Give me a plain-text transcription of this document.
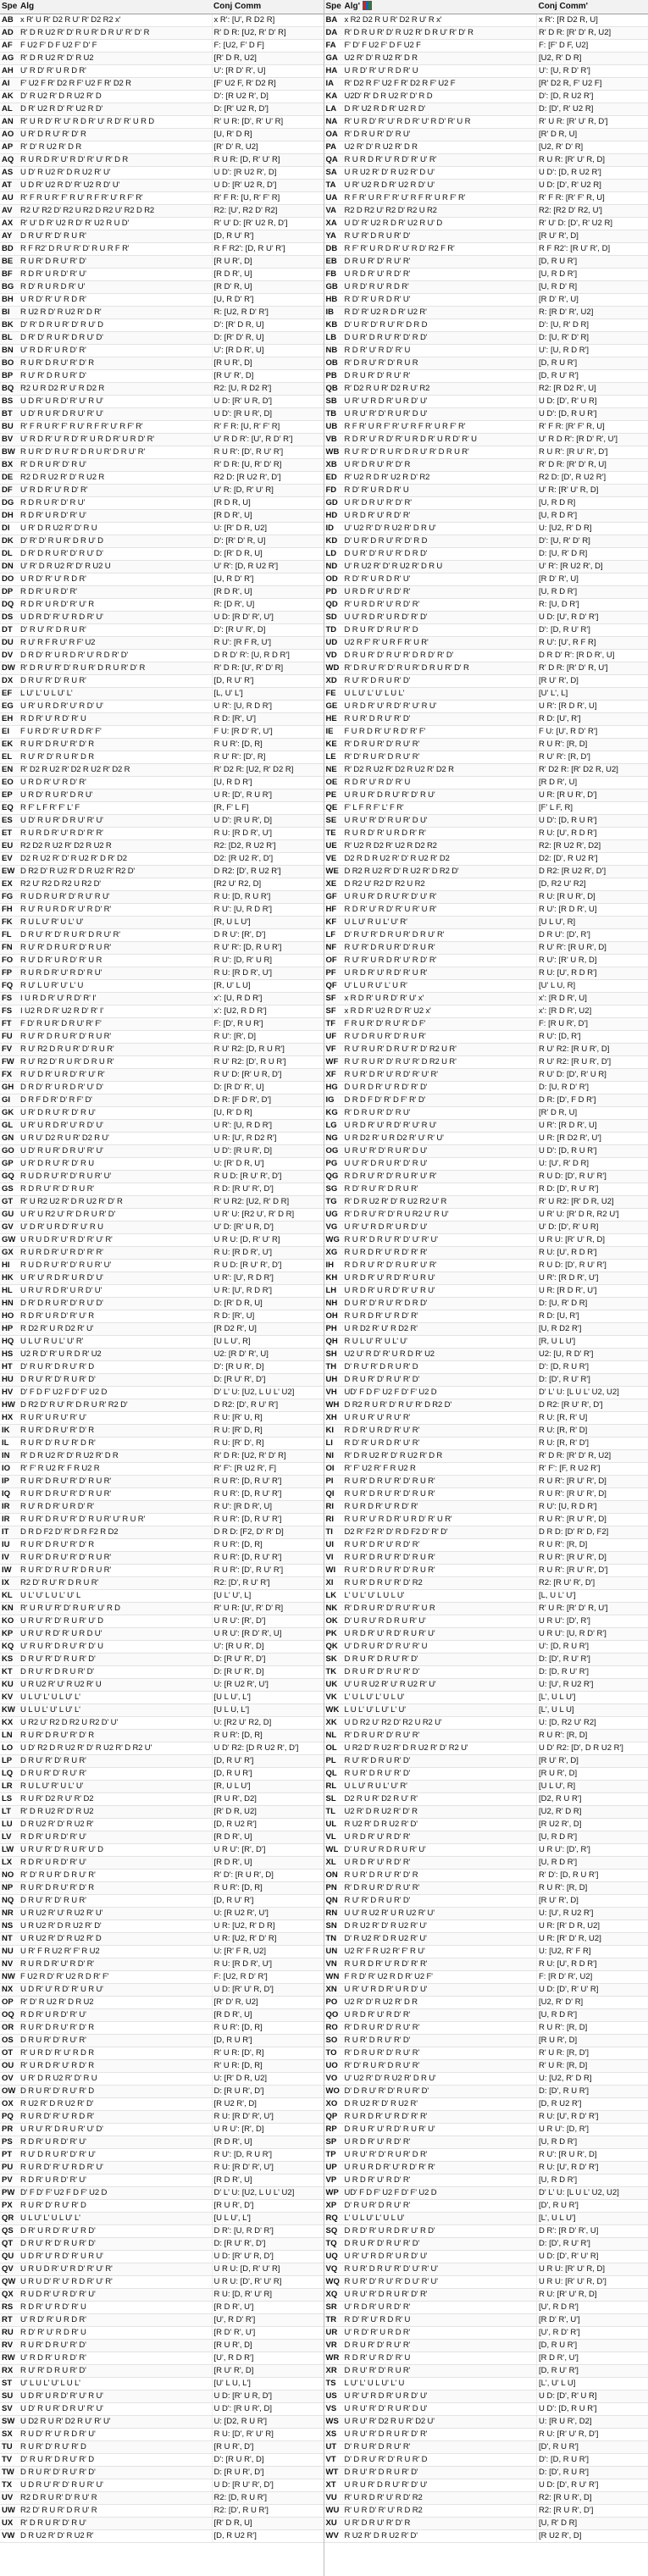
Spe	Alg	Conj Comm
AB	x R' U R' D2 R U' R' D2 R2 x'	x R': [U', R D2 R]
AD	R' D R U2 R' D' R U R' D R U' R' D' R	R' D R: [U2, R' D' R]
AF	F U2 F' D F U2 F' D' F	F: [U2, F' D F]
AG	R' D R U2 R' D' R U2	[R' D R, U2]
AH	U' R D' R' U R D R'	U': [R D' R', U]
AI	F' U2 F R' D2 R F' U2 F R' D2 R	[F' U2 F, R' D2 R]
AK	D' R U2 R' D R U2 R' D	D': [R U2 R', D]
AL	D R' U2 R D' R' U2 R D'	D: [R' U2 R, D']
AN	R' U R D' R' U' R D R' U' R D' R' U R D	R' U R: [D', R' U' R]
AO	U R' D R U' R' D' R	[U, R' D R]
AP	R' D' R U2 R' D R	[R' D' R, U2]
AQ	R U R D R' U' R D' R' U' R' D R	R U R: [D, R' U' R]
AS	U D' R U2 R' D R U2 R' U'	U D': [R U2 R', D]
AT	U D R' U2 R D' R' U2 R D' U'	U D: [R' U2 R, D']
AU	R' F R U R' F' R U' R F R' U' R F' R'	R' F R: [U, R' F' R]
AV	R2 U' R2 D' R2 U R2 D R2 U' R2 D R2	R2: [U', R2 D' R2]
AX	R' U' D R' U2 R D' R' U2 R U D'	R' U' D: [R' U2 R, D']
AY	D R U' R' D' R U R'	[D, R U' R']
BD	R F R2' D R U' R' D' R U R F R'	R F R2': [D, R U' R']
BE	R U R' D R U' R' D'	[R U R', D]
BF	R D R' U R D' R' U'	[R D R', U]
BG	R D' R U R D R' U'	[R D' R, U]
BH	U R D' R' U' R D R'	[U, R D' R']
BI	R U2 R D' R U2 R' D R'	R: [U2, R D' R']
BK	D' R' D R U R' D' R U' D	D': [R' D R, U]
BL	D R' D' R U R' D R U' D'	D: [R' D' R, U]
BN	U' R D R' U R D' R'	U': [R D R', U]
BO	R U R' D R U' R' D' R	[R U R', D]
BP	R U' R' D R U R' D'	[R U' R', D]
BQ	R2 U R D2 R' U' R D2 R	R2: [U, R D2 R']
BS	U D R' U R D' R' U' R U'	U D: [R' U R, D']
BT	U D' R U R' D R U' R' U'	U D': [R U R', D]
BU	R' F R U R' F' R U' R F R' U' R F' R'	R' F R: [U, R' F' R]
BV	U' R D R' U' R D' R' U R D R' U R D' R'	U' R D R': [U', R D' R']
BW	R U R' D' R U' R' D R U R' D R U' R'	R U R': [D', R U' R']
BX	R' D R U R' D' R U'	R' D R: [U, R' D' R]
DE	R2 D R U2 R' D' R U2 R	R2 D: [R U2 R', D']
DF	U' R D R' U' R D' R'	U' R: [D, R' U' R]
DG	R D R U R' D' R U'	[R D R, U]
DH	R D R' U R D' R' U'	[R D R', U]
DI	U R' D R U2 R' D' R U	U: [R' D R, U2]
DK	D' R' D' R U R' D R U' D	D': [R' D' R, U]
DL	D R' D R U R' D' R U' D'	D: [R' D R, U]
DN	U' R' D R U2 R' D' R U2 U	U' R': [D, R U2 R']
DO	U R D' R' U' R D R'	[U, R D' R']
DP	R D R' U R D' R'	[R D R', U]
DQ	R D R' U R D' R' U' R	R: [D R', U]
DS	U D R D' R' U' R D R' U'	U D: [R D' R', U']
DT	D' R U' R' D R U R'	D': [R U' R', D]
DU	R U' R F R U' R F' U2	R U': [R F R, U']
DV	D R D' R' U R D R' U' R D R' D'	D R D' R': [U, R D R']
DW	R' D R U' R' D' R U R' D R U R' D' R	R' D R: [U', R' D' R]
DX	D R U' R' D' R U R'	[D, R U' R']
EF	L U' L' U L U' L'	[L, U' L']
EG	U R' U R D R' U' R D' U'	U R': [U, R D R']
EH	R D R' U' R D' R' U	R D: [R', U']
EI	F U R D' R' U' R D R' F'	F U: [R D' R', U']
EK	R U R' D R U' R' D' R	R U R': [D, R]
EL	R U' R' D' R U R' D R	R U' R': [D', R]
EN	R' D2 R U2 R' D2 R U2 R' D2 R	R' D2 R: [U2, R' D2 R]
EO	U R D R' U' R D' R'	[U, R D R']
EP	U R D' R U R' D R U'	U R: [D', R U R']
EQ	R F' L F R' F' L' F	[R, F' L F]
ES	U D' R U R' D R U' R' U'	U D': [R U R', D]
ET	R U R D R' U' R D' R' R'	R U: [R D R', U']
EU	R2 D2 R U2 R' D2 R U2 R	R2: [D2, R U2 R']
EV	D2 R U2 R' D' R U2 R' D R' D2	D2: [R U2 R', D']
EW	D R2 D' R U2 R' D R U2 R' R2 D'	D R2: [D', R U2 R']
EX	R2 U' R2 D R2 U R2 D'	[R2 U' R2, D]
FG	R U D R U R' D' R U' R U'	R U: [D, R U R']
FH	R U' R U R D R' U' R D' R'	R U': [U, R D R']
FK	R U L U' R' U L' U'	[R, U L U']
FL	D R U' R' D' R U R' D R U' R'	D R U': [R', D']
FN	R U' R' D R U R' D' R U R'	R U' R': [D, R U R']
FO	R U' D R' U R D' R' U R	R U': [D, R' U R]
FP	R U R D R' U' R D' R U'	R U: [R D R', U']
FQ	R U' L U R' U' L' U	[R, U' L U]
FS	I U R D R' U' R D' R' I'	x': [U, R D R']
FS	I U2 R D R' U2 R D' R' I'	x': [U2, R D R']
FT	F D' R U R' D R U' R' F'	F: [D', R U R']
FU	R U' R' D R U R' D' R U R'	R U': [R', D]
FV	R U' R2 D R U R' D' R U R'	R U' R2: [D, R U R']
FW	R U' R2 D' R U R' D R U R'	R U' R2: [D', R U R']
FX	R U' D R' U R D' R' U' R'	R U' D: [R' U R, D']
GH	D R D' R' U R D R' U' D'	D: [R D' R', U]
GI	D R F D R' D' R F' D'	D R: [F D R', D']
GK	U R' D R U' R' D' R U'	[U, R' D R]
GL	U R' U R D R' U' R D' U'	U R': [U, R D R']
GN	U R U' D2 R U R' D2 R U'	U R: [U', R D2 R']
GO	U D' R U R' D R U' R' U'	U D': [R U R', D]
GP	U R' D R U' R' D' R U	U: [R' D R, U']
GQ	R U D R U' R' D' R U R' U'	R U D: [R U' R', D']
GS	R D R U' R' D' R U R'	R D: [R U' R', D']
GT	R' U R2 U2 R' D R U2 R' D' R	R' U R2: [U2, R' D R]
GU	U R' U R2 U' R' D R U R' D'	U R' U: [R2 U', R' D R]
GV	U' D R' U R D' R' U' R U	U' D: [R' U R, D']
GW	U R U D R' U' R D' R' U' R'	U R U: [D, R' U' R]
GX	R U R D R' U' R D' R' R'	R U: [R D R', U']
HI	R U D R U' R' D' R U R' U'	R U D: [R U' R', D']
HK	U R' U' R D R' U R D' U'	U R': [U', R D R']
HL	U R U' R D R' U R D' U'	U R: [U', R D R']
HN	D R' D R U R' D' R U' D'	D: [R' D R, U]
HO	R D R' U R D' R' U' R	R D: [R', U]
HP	R D2 R' U R D2 R' U'	[R D2 R', U]
HQ	U L U' R U L' U' R'	[U L U', R]
HS	U2 R D' R' U R D R' U2	U2: [R D' R', U]
HT	D' R U R' D R U' R' D	D': [R U R', D]
HU	D R U' R' D' R U R' D'	D: [R U' R', D']
HV	D' F D F' U2 F D' F' U2 D	D' L' U: [U2, L U L' U2]
HW	D R2 D' R U' R' D R U R' R2 D'	D R2: [D', R U' R']
HX	R U R' U R U' R' U'	R U: [R' U, R]
IK	R U R' D R U' R' D' R	R U: [R' D, R]
IL	R U R' D' R U' R' D R'	R U: [R' D', R]
IN	R' D R U2 R' D' R U2 R' D R	R' D R: [U2, R' D' R]
IO	R' F' R U2 R' F R U2 R	R' F': [R U2 R', F]
IP	R U R' D R U' R' D' R U R'	R U R': [D, R U' R']
IQ	R U R' D R U' R' D' R U R'	R U R': [D, R U' R']
IR	R U' R D R' U R D' R'	R U': [R D R', U]
IR	R U R' D R U' R' D' R U R' U' R U R'	R U R': [D, R U' R']
IT	D R D F2 D' R' D R F2 R D2	D R D: [F2, D' R' D]
IU	R U R' D R U' R' D' R	R U R': [D, R]
IV	R U R' D R U' R' D' R U R'	R U R': [D, R U' R']
IW	R U R' D' R U' R' D R U R'	R U R': [D', R U' R']
IX	R2 D' R U' R' D R U R'	R2: [D', R U' R']
KL	U L' U' L U L' U' L	[U L' U', L]
KN	R' U R U' R' D' R U R' U' R D	R' U R: [U', R' D' R]
KO	U R U' R' D' R U R' U' D	U R U': [R', D']
KP	U R U' R D' R' U R D U'	U R U': [R D' R', U]
KQ	U' R U R' D R U' R' D' U	U': [R U R', D]
KS	D R U' R' D' R U R' D'	D: [R U' R', D']
KT	D R U' R' D R U R' D'	D: [R U' R', D]
KU	U R U2 R' U' R U2 R' U	U: [R U2 R', U']
KV	U L U' L' U L U' L'	[U L U', L']
KW	U L U L' U' L U' L'	[U L U, L']
KX	U R2 U' R2 D R2 U R2 D' U'	U: [R2 U' R2, D]
LN	R U R' D R U' R' D' R	R U R': [D, R]
LO	U D' R2 D R U2 R' D' R U2 R' D R2 U'	U D' R2: [D R U2 R', D']
LP	D R U' R' D' R U R'	[D, R U' R']
LQ	D R U R' D' R U' R'	[D, R U R']
LR	R U L U' R' U L' U'	[R, U L U']
LS	R U R' D2 R U' R' D2	[R U R', D2]
LT	R' D R U2 R' D' R U2	[R' D R, U2]
LU	D R U2 R' D' R U2 R'	[D, R U2 R']
LV	R D R' U R D' R' U'	[R D R', U]
LW	U R U' R' D' R U R' U' D	U R U': [R', D']
LX	R D R' U R D' R' U'	[R D R', U]
NO	R' D' R U R' D R U' R'	R' D': [R U R', D]
NP	R U R' D R U' R' D' R	R U R': [D, R]
NQ	D R U' R' D' R U R'	[D, R U' R']
NR	U R U2 R' U' R U2 R' U'	U: [R U2 R', U']
NS	U R U2 R' D R U2 R' D'	U R: [U2, R' D R]
NT	U R U2 R' D' R U2 R' D	U R: [U2, R' D' R]
NU	U R' F R U2 R' F' R U2	U: [R' F R, U2]
NV	R U R D R' U' R D' R'	R U: [R D R', U']
NW	F U2 R D' R' U2 R D R' F'	F: [U2, R D' R']
NX	U D R' U' R D' R' U R U'	U D: [R' U' R, D']
OP	R' D' R U2 R' D R U2	[R' D' R, U2]
OQ	R D R' U R D' R' U'	[R D R', U]
OR	R U R' D R U' R' D' R	R U R': [D, R]
OS	D R U R' D' R U' R'	[D, R U R']
OT	R' U R D' R' U' R D R	R' U R: [D', R]
OU	R' U R D R' U' R D' R	R' U R: [D, R]
OV	U R' D R U2 R' D' R U	U: [R' D R, U2]
OW	D R U R' D' R U' R' D	D: [R U R', D']
OX	R U2 R' D R U2 R' D'	[R U2 R', D]
PQ	R U R D' R' U' R D R'	R U: [R D' R', U']
PR	U R U' R' D R U R' U' D'	U R U': [R', D]
PS	R D R' U R D' R' U'	[R D R', U]
PT	R U' D R U R' D' R' U'	R U': [D, R U R']
PU	R U R D' R' U' R D R' U'	R U: [R D' R', U']
PV	R D R' U R D' R' U'	[R D R', U]
PW	D' F D' F' U2 F D F' U2 D	D' L' U: [U2, L U L' U2]
PX	R U R' D' R U' R' D	[R U R', D']
QR	U L U' L' U L U' L'	[U L U', L']
QS	D R' U R D' R' U' R D'	D R': [U, R D' R']
QT	D R U' R' D' R U R' D'	D: [R U' R', D']
QU	U D R' U' R D' R' U R U'	U D: [R' U' R, D']
QV	U R U D R' U' R D' R' U' R'	U R U: [D, R' U' R]
QW	U R U D' R' U' R D R' U' R'	U R U: [D', R' U' R]
QX	R U D R' U' R D' R' U'	R U: [D, R' U' R]
RS	R D R' U' R D' R' U	[R D R', U']
RT	U' R D' R' U R D R'	[U', R D' R']
RU	R D' R' U' R D R' U	[R D' R', U']
RV	R U R' D R U' R' D'	[R U R', D]
RW	U' R D R' U R D' R'	[U', R D R']
RX	R U' R' D R U R' D'	[R U' R', D]
ST	U' L U L' U' L U L'	[U' L U, L']
SU	U D R' U R D' R' U' R U'	U D: [R' U R, D']
SV	U D' R U R' D R U' R' U'	U D': [R U R', D]
SW	U D2 R U R' D2 R U' R' U'	U: [D2, R U R']
SX	R U D' R' U' R D R' U'	R U: [D', R' U' R]
TU	R U R' D' R U' R' D	[R U R', D']
TV	D' R U R' D R U' R' D	D': [R U R', D]
TW	D R U R' D' R U' R' D'	D: [R U R', D']
TX	U D R U' R' D' R U R' U'	U D: [R U' R', D']
UV	R2 D R U R' D' R U' R	R2: [D, R U R']
UW	R2 D' R U R' D R U' R	R2: [D', R U R']
UX	R' D R U R' D' R U'	[R' D R, U]
VW	D R U2 R' D' R U2 R'	[D, R U2 R']
Spe	Alg'	Conj Comm'
BA	x R2 D2 R U R' D2 R U' R x'	x R': [R D2 R, U]
DA	R' D R U R' D' R U2 R' D R U' R' D' R	R' D R: [R' D' R, U2]
FA	F' D' F U2 F' D F U2 F	F: [F' D F, U2]
GA	U2 R' D' R U2 R' D R	[U2, R' D R]
HA	U R D' R' U' R D R' U	U': [U, R D' R']
IA	R' D2 R F' U2 F R' D2 R F' U2 F	[R' D2 R, F' U2 F]
KA	U2D' R' D R U2 R' D' R D	D': [D, R U2 R']
LA	D R' U2 R D R' U2 R D'	D: [D', R' U2 R]
NA	R' U R D' R' U' R D R' U' R D' R' U R	R' U R: [R' U' R, D']
OA	R' D R U R' D' R U'	[R' D R, U]
PA	U2 R' D' R U2 R' D R	[U2, R' D' R]
QA	R U R D R' U' R D' R' U' R'	R U R: [R' U' R, D]
SA	U R U2 R' D' R U2 R' D U'	U D': [D, R U2 R']
TA	U R' U2 R D R' U2 R D' U'	U D: [D', R' U2 R]
UA	R F R' U R F' R' U' R F R' U R F' R'	R' F R: [R' F' R, U]
VA	R2 D R2 U' R2 D' R2 U R2	R2: [R2 D' R2, U']
XA	U D' R' U2 R D R' U2 R U' D	R' U' D: [D', R' U2 R]
YA	R U' R' D R U R' D'	[R U' R', D]
DB	R F' R' U R D R' U' R D' R2 F R'	R F R2': [R U' R', D]
EB	D R U R' D' R U' R'	[D, R U R']
FB	U R D R' U' R D' R'	[U, R D R']
GB	U R D' R U' R D R'	[U, R D' R]
HB	R D' R' U R D R' U'	[R D' R', U]
IB	R D' R' U2 R D R' U2 R'	R: [R D' R', U2]
KB	D' U R' D' R U' R' D R D	D': [U, R' D R]
LB	D U R' D R U' R' D' R D'	D: [U, R' D' R]
NB	R D R' U' R D' R' U	U': [U, R D R']
OB	R' D R U' R' D' R U R	[D, R U R']
PB	D R U R' D' R U' R'	[D, R U' R']
QB	R' D2 R U R' D2 R U' R2	R2: [R D2 R', U]
SB	U R' U' R D R' U R D' U'	U D: [D', R' U R]
TB	U R U' R' D' R U R' D U'	U D': [D, R U R']
UB	R F R' U R F' R' U' R F R' U R F' R'	R' F R: [R' F' R, U]
VB	R D R' U' R D' R' U R D R' U R D' R' U	U' R D R': [R D' R', U']
WB	R U' R' D' R U R' D R U' R' D R U R'	R U R': [R U' R', D']
XB	U R' D R U' R' D' R	R' D R: [R' D' R, U]
ED	R' U2 R D R' U2 R D' R2	R2 D: [D', R U2 R']
FD	R D' R' U R D R' U	U' R: [R' U' R, D]
GD	U R' D R U' R' D' R'	[U, R D R]
HD	U R D R' U' R D' R'	[U, R D R']
ID	U' U2 R' D' R U2 R' D R U'	U: [U2, R' D R]
KD	D' U R' D R U' R' D' R D	D': [U, R' D' R]
LD	D U R' D' R U' R' D R D'	D: [U, R' D R]
ND	U' R U2 R' D' R U2 R' D R U	U' R': [R U2 R', D]
OD	R D' R' U R D R' U'	[R D' R', U]
PD	U R D R' U' R D' R'	[U, R D R']
QD	R' U R D R' U' R D' R'	R: [U, D R']
SD	U U' R D R' U R D' R' D'	U D: [U', R D' R']
TD	D R U R' D' R U' R' D	D': [D, R U' R']
UD	U2 R F' R' U R F R' U R'	R U': [U', R F R]
VD	D R U R' D' R U' R' D R D' R' D'	D R D' R': [R D R', U]
WD	R' D R U' R' D' R U R' D R U R' D' R	R' D R: [R' D' R, U']
XD	R U' R' D R U R' D'	[R U' R', D]
FE	U L U' L' U' L U L'	[U' L', L]
GE	U R D R' U' R D' R' U' R U'	U R': [R D R', U]
HE	R U R' D R U' R' D'	R D: [U', R']
IE	F U R D R' U' R D' R' F'	F U: [U', R D' R']
KE	R' D R U R' D' R U' R'	R U R': [R, D]
LE	R' D' R U R' D R U' R'	R U' R': [R, D']
NE	R' D2 R U2 R' D2 R U2 R' D2 R	R' D2 R: [R' D2 R, U2]
OE	R D R' U' R D' R' U	[R D R', U]
PE	U R U R' D R U' R' D' R U'	U R: [R U R', D']
QE	F' L F R F' L' F R'	[F' L F, R]
SE	U R U' R' D' R U R' D U'	U D': [D, R U R']
TE	R U R D' R' U R D R' R'	R U: [U', R D R']
UE	R' U2 R D2 R' U2 R D2 R2	R2: [R U2 R', D2]
VE	D2 R D R U2 R' D' R U2 R' D2	D2: [D', R U2 R']
WE	D R2 R U2 R' D' R U2 R' D R2 D'	D R2: [R U2 R', D']
XE	D R2 U' R2 D' R2 U R2	[D, R2 U' R2]
GF	U R U R' D R U' R' D' U' R'	R U: [R U R', D]
HF	R D R' U' R D' R' U R' U R'	R U': [R D R', U]
KF	U L U' R U L' U' R'	[U L U', R]
LF	D' R U' R' D R U R' D R U' R'	D R U': [D', R']
NF	R U' R' D R U R' D' R U R'	R U' R': [R U R', D]
OF	R U' R' U R D R' U' R D' R'	R U': [R' U R, D]
PF	U R D R' U' R D' R' U R'	R U: [U', R D R']
QF	U' L U R U' L' U R'	[U' L U, R]
SF	x R D R' U R D' R' U' x'	x': [R D R', U]
SF	x R D R' U2 R D' R' U2 x'	x': [R D R', U2]
TF	F R U R' D' R U' R' D F'	F: [R U R', D']
UF	R U' D R U R' D' R U R'	R U': [D, R']
VF	R U' R U R' D R U' R' D' R2 U R'	R U' R2: [R U R', D]
WF	R U' R U R' D' R U' R' D R2 U R'	R U' R2: [R U R', D']
XF	R U R' D R' U' R D' R' U' R'	R U' D: [D', R' U R]
HG	D U R D R' U' R D' R' D'	D: [U, R D' R']
IG	D R D F D' R' D F' R' D'	D R: [D', F D R']
KG	R' D R U R' D' R U'	[R' D R, U]
LG	U R D R' U' R D' R' U' R U'	U R': [R D R', U]
NG	U R D2 R' U R D2 R' U' R' U'	U R: [R D2 R', U']
OG	U R U' R' D' R U R' D U'	U D': [D, R U R']
PG	U U' R' D R U R' D' R U'	U: [U', R' D R]
QG	R D R U' R' D' R U R' U' R'	R U D: [D', R U' R']
SG	R D' R U' R' D R U R'	R D: [D', R U' R']
TG	R' D R U2 R' D' R U2 R2 U' R	R' U R2: [R' D R, U2]
UG	R' D R U' R' D' R U R2 U' R U'	U R' U: [R' D R, R2 U']
VG	U R' U' R D R' U R D' U'	U' D: [D', R' U R]
WG	R U R' D R U' R' D' U' R' U'	U R U: [R' U' R, D]
XG	R U R D R' U' R D' R' R'	R U: [U', R D R']
IH	R D R U' R' D' R U R' U' R'	R U D: [D', R U' R']
KH	U R D R' U' R D' R' U R U'	U R': [R D R', U']
LH	U R D R' U R D' R' U' R U'	U R: [R D R', U']
NH	D U R' D' R U' R' D R D'	D: [U, R' D R]
OH	R U R D R' U' R D' R'	R D: [U, R']
PH	U R D2 R' U' R D2 R'	[U, R D2 R']
QH	R U L U' R' U L' U'	[R, U L U']
SH	U2 U' R D' R' U R D R' U2	U2: [U, R D' R']
TH	D' R U' R' D R U R' D	D': [D, R U R']
UH	D R U R' D' R U' R' D'	D: [D', R U' R']
VH	UD' F D F' U2 F D' F' U2 D	D' L' U: [L U L' U2, U2]
WH	D R2 R U R' D' R U' R' D R2 D'	D R2: [R U' R', D']
XH	U R U R' U' R U' R'	R U: [R, R' U]
KI	R D R' U R D' R' U' R'	R U: [R, R' D]
LI	R D' R' U R D R' U' R'	R U: [R, R' D']
NI	R' D R U2 R' D' R U2 R' D R	R' D R: [R' D' R, U2]
OI	R' F' U2 R' F R U2 R	R' F': [F, R U2 R']
PI	R U R' D R U' R' D' R U R'	R U R': [R U' R', D]
QI	R U R' D R U' R' D' R U R'	R U R': [R U' R', D]
RI	R U R D R' U' R D' R'	R U': [U, R D R']
RI	R U R' U' R D R' U R D' R' U R'	R U R': [R U' R', D]
TI	D2 R' F2 R' D' R D F2 D' R' D'	D R D: [D' R' D, F2]
UI	R U R' D R' U' R D' R'	R U R': [R, D]
VI	R U R' D R U' R' D' R U R'	R U R': [R U' R', D]
WI	R U R' D R U' R' D' R U R'	R U R': [R U' R', D']
XI	R U R' D R U' R' D' R2	R2: [R U' R', D']
LK	L' U L' U' L U L U'	[L, U L' U']
NK	R' D R U R' D' R U' R' U R	R' U R: [R' D' R, U']
OK	D' U R U' R D R U R' U'	U R U': [D', R']
PK	U R D R' U' R D' R U R' U'	U R U': [U, R D' R']
QK	U' D R U R' D' R U' R' U	U': [D, R U R']
SK	D R U R' D R U' R' D'	D: [D', R U' R']
TK	D R U R' D' R U' R' D'	D: [D, R U' R']
UK	U' U R U2 R' U' R U2 R' U'	U: [U', R U2 R']
VK	L' U L U' L' U L U'	[L', U L U']
WK	L U L' U' L U' L' U'	[L', U L U]
XK	U D R2 U' R2 D' R2 U R2 U'	U: [D, R2 U' R2]
NL	R' D R U R' D' R U' R'	R U R': [R, D]
OL	U R2 D' R U2 R' D R U2 R' D' R2 U'	U D' R2: [D', D R U2 R']
PL	R U' R' D R U R' D'	[R U' R', D]
QL	R U R' D R U' R' D'	[R U R', D]
RL	U L U' R U L' U' R'	[U L U', R]
SL	D2 R U R' D2 R U' R'	[D2, R U R']
TL	U2 R' D R U2 R' D' R	[U2, R' D R]
UL	R U2 R' D R U2 R' D'	[R U2 R', D]
VL	U R D R' U' R D' R'	[U, R D R']
WL	D' U R U' R D R U R' U'	U R U': [D', R']
XL	U R D R' U' R D' R'	[U, R D R']
ON	R U R' D R U' R' D' R	R' D': [D, R U R']
PN	R' D R U R' D' R U' R'	R U R': [R, D]
QN	R U' R' D R U R' D'	[R U' R', D]
RN	U U' R U2 R' U R U2 R' U'	U: [U', R U2 R']
SN	D R U2 R' D' R U2 R' U'	U R: [R' D R, U2]
TN	D' R U2 R' D R U2 R' U'	U R: [R' D' R, U2]
UN	U2 R' F R U2 R' F' R U'	U: [U2, R' F R]
VN	R U R D R' U' R D' R' R'	R U: [U', R D R']
WN	F R D' R' U2 R D R' U2 F'	F: [R D' R', U2]
XN	U R' U' R D R' U R D' U'	U D: [D', R' U' R]
PO	U2 R' D' R U2 R' D R	[U2, R' D' R]
QO	U R D R' U' R D' R'	[U, R D R']
RO	R' D R U R' D' R U' R'	R U R': [R, D]
SO	R U R' D R U' R' D'	[R U R', D]
TO	R' D R U R' D' R U' R'	R' U R: [R, D']
UO	R' D' R U R' D R U' R'	R' U R: [R, D]
VO	U' U2 R' D' R U2 R' D R U'	U: [U2, R' D R]
WO	D' D R U' R' D' R U R' D'	D: [D', R U R']
XO	D R U2 R' D' R U2 R'	[D, R U2 R']
QP	R U R D R' U' R D' R' R'	R U: [U', R D' R']
RP	D R U R' U' R D' R U R' U'	U R U': [D, R']
SP	U R D R' U' R D' R'	[U, R D R']
TP	U R U' R' D' R U R' D R'	R U': [R U R', D]
UP	U R U R D R' U' R D' R' R'	R U: [U', R D' R']
VP	U R D R' U' R D' R'	[U, R D R']
WP	UD' F D F' U2 F D' F' U2 D	D' L' U: [L U L' U2, U2]
XP	D' R U R' D R U' R'	[D', R U R']
RQ	L' U L U' L' U L U'	[L', U L U']
SQ	D R D' R' U R D R' U' R D'	D R': [R D' R', U]
TQ	D R U R' D' R U' R' D'	D: [D', R U' R']
UQ	U R' U' R D R' U R D' U'	U D: [D', R' U' R]
VQ	R U R' D R U' R' D' U' R' U'	U R U: [R' U' R, D]
WQ	R U R' D' R U' R' D U' R' U'	U R U: [R' U' R, D']
XQ	U R U' R' D R U R' D' R'	R U: [R' U' R, D]
SR	U' R D R' U R D' R'	[U', R D R']
TR	R D' R' U' R D R' U	[R D' R', U']
UR	U' R D' R' U R D R'	[U', R D' R']
VR	D R U R' D' R U' R'	[D, R U R']
WR	R D R' U' R D' R' U	[R D R', U']
XR	D R U' R' D' R U R'	[D, R U' R']
TS	L U' L' U L U' L' U	[L', U' L U]
US	U R' U' R D R' U R D' U'	U D: [D', R' U R]
VS	U R U' R' D' R U R' D U'	U D': [D, R U R']
WS	U R U' R' D2 R U R' D2 U'	U: [R U R', D2]
XS	U R U' R' D R U R' D' R'	R U: [R' U' R, D']
UT	D' R U R' D R U' R'	[D', R U R']
VT	D' D R U' R' D' R U R' D	D': [D, R U R']
WT	D R U' R' D R U R' D'	D: [D', R U R']
XT	U R U R' D R U' R' D' U'	U D: [D', R U' R']
VU	R' U R D R' U' R D' R2	R2: [R U R', D]
WU	R' U R D' R' U' R D R2	R2: [R U R', D']
XU	U R' D R U' R' D' R	[U, R' D R]
WV	R U2 R' D R U2 R' D'	[R U2 R', D]
